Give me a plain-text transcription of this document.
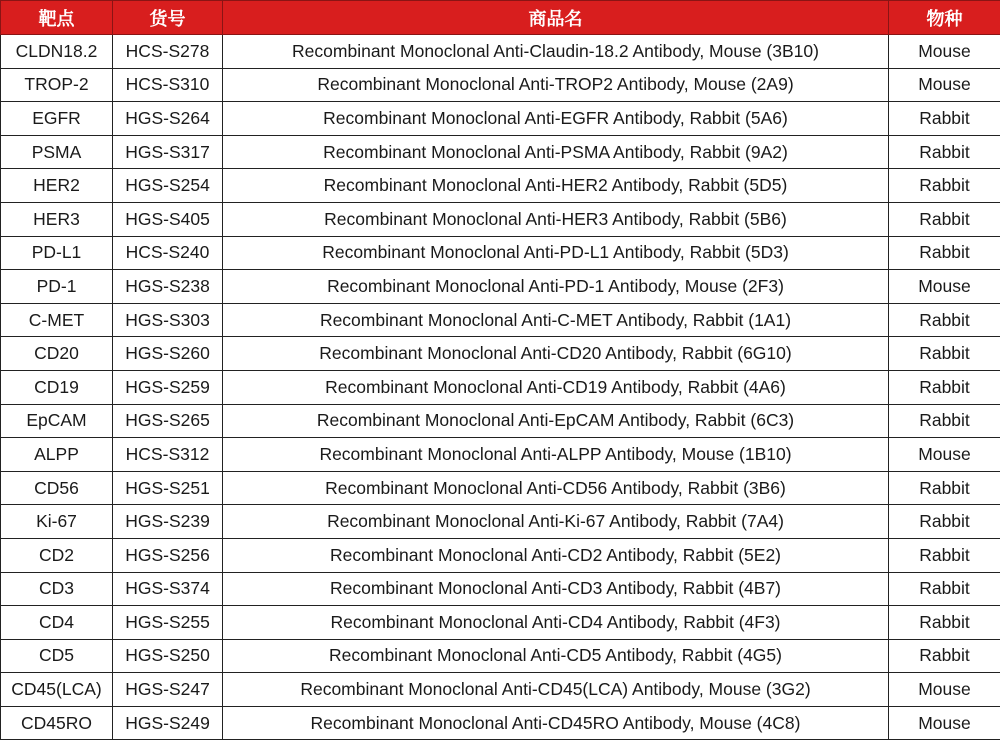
靶点	货号	商品名	物种
CLDN18.2	HCS-S278	Recombinant Monoclonal Anti-Claudin-18.2 Antibody, Mouse (3B10)	Mouse
TROP-2	HCS-S310	Recombinant Monoclonal Anti-TROP2 Antibody, Mouse (2A9)	Mouse
EGFR	HGS-S264	Recombinant Monoclonal Anti-EGFR Antibody, Rabbit (5A6)	Rabbit
PSMA	HGS-S317	Recombinant Monoclonal Anti-PSMA Antibody, Rabbit (9A2)	Rabbit
HER2	HGS-S254	Recombinant Monoclonal Anti-HER2 Antibody, Rabbit (5D5)	Rabbit
HER3	HGS-S405	Recombinant Monoclonal Anti-HER3 Antibody, Rabbit (5B6)	Rabbit
PD-L1	HCS-S240	Recombinant Monoclonal Anti-PD-L1 Antibody, Rabbit (5D3)	Rabbit
PD-1	HGS-S238	Recombinant Monoclonal Anti-PD-1 Antibody, Mouse (2F3)	Mouse
C-MET	HGS-S303	Recombinant Monoclonal Anti-C-MET Antibody, Rabbit (1A1)	Rabbit
CD20	HGS-S260	Recombinant Monoclonal Anti-CD20 Antibody, Rabbit (6G10)	Rabbit
CD19	HGS-S259	Recombinant Monoclonal Anti-CD19 Antibody, Rabbit (4A6)	Rabbit
EpCAM	HGS-S265	Recombinant Monoclonal Anti-EpCAM Antibody, Rabbit (6C3)	Rabbit
ALPP	HCS-S312	Recombinant Monoclonal Anti-ALPP Antibody, Mouse (1B10)	Mouse
CD56	HGS-S251	Recombinant Monoclonal Anti-CD56 Antibody, Rabbit (3B6)	Rabbit
Ki-67	HGS-S239	Recombinant Monoclonal Anti-Ki-67 Antibody, Rabbit (7A4)	Rabbit
CD2	HGS-S256	Recombinant Monoclonal Anti-CD2 Antibody, Rabbit (5E2)	Rabbit
CD3	HGS-S374	Recombinant Monoclonal Anti-CD3 Antibody, Rabbit (4B7)	Rabbit
CD4	HGS-S255	Recombinant Monoclonal Anti-CD4 Antibody, Rabbit (4F3)	Rabbit
CD5	HGS-S250	Recombinant Monoclonal Anti-CD5 Antibody, Rabbit (4G5)	Rabbit
CD45(LCA)	HGS-S247	Recombinant Monoclonal Anti-CD45(LCA) Antibody, Mouse (3G2)	Mouse
CD45RO	HGS-S249	Recombinant Monoclonal Anti-CD45RO Antibody, Mouse (4C8)	Mouse
